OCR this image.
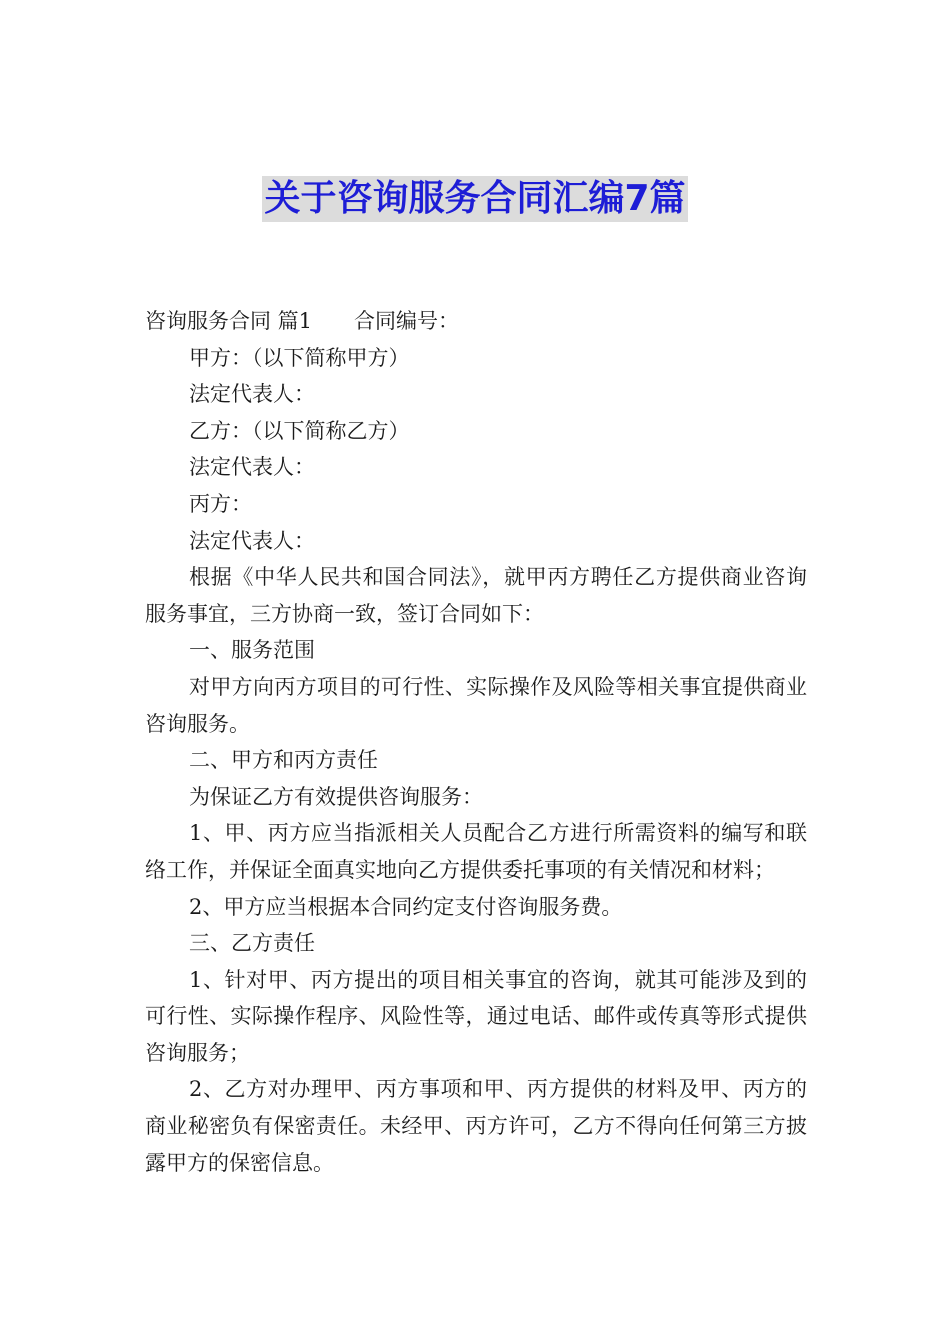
关于咨询服务合同汇编7篇

咨询服务合同 篇1 合同编号：

甲方：（以下简称甲方）

法定代表人：

乙方：（以下简称乙方）

法定代表人：

丙方：

法定代表人：

根据《中华人民共和国合同法》，就甲丙方聘任乙方提供商业咨询服务事宜，三方协商一致，签订合同如下：

一、服务范围

对甲方向丙方项目的可行性、实际操作及风险等相关事宜提供商业咨询服务。

二、甲方和丙方责任

为保证乙方有效提供咨询服务：

1、甲、丙方应当指派相关人员配合乙方进行所需资料的编写和联络工作，并保证全面真实地向乙方提供委托事项的有关情况和材料；

2、甲方应当根据本合同约定支付咨询服务费。

三、乙方责任

1、针对甲、丙方提出的项目相关事宜的咨询，就其可能涉及到的可行性、实际操作程序、风险性等，通过电话、邮件或传真等形式提供咨询服务；

2、乙方对办理甲、丙方事项和甲、丙方提供的材料及甲、丙方的商业秘密负有保密责任。未经甲、丙方许可，乙方不得向任何第三方披露甲方的保密信息。
